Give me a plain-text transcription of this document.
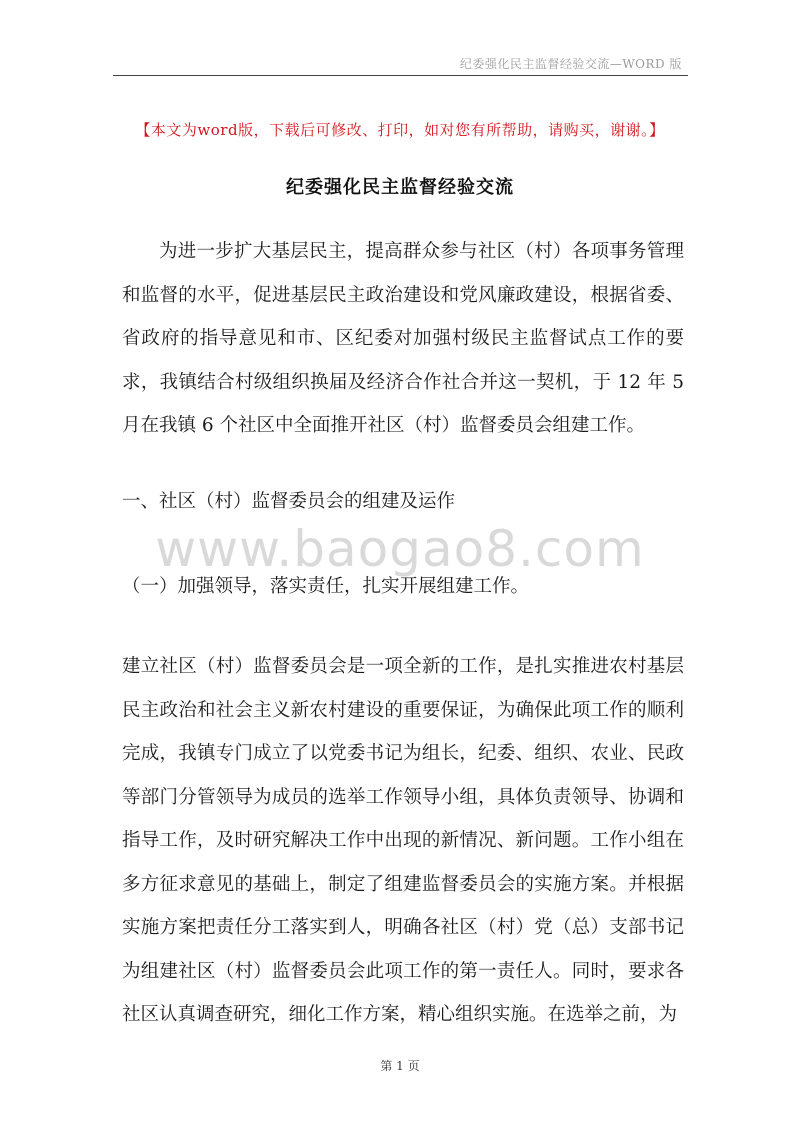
纪委强化民主监督经验交流—WORD 版
【本文为word版，下载后可修改、打印，如对您有所帮助，请购买，谢谢。】
纪委强化民主监督经验交流

为进一步扩大基层民主，提高群众参与社区（村）各项事务管理和监督的水平，促进基层民主政治建设和党风廉政建设，根据省委、省政府的指导意见和市、区纪委对加强村级民主监督试点工作的要求，我镇结合村级组织换届及经济合作社合并这一契机，于 12 年 5 月在我镇 6 个社区中全面推开社区（村）监督委员会组建工作。

一、社区（村）监督委员会的组建及运作

www.baogao8.com

（一）加强领导，落实责任，扎实开展组建工作。

建立社区（村）监督委员会是一项全新的工作，是扎实推进农村基层民主政治和社会主义新农村建设的重要保证，为确保此项工作的顺利完成，我镇专门成立了以党委书记为组长，纪委、组织、农业、民政等部门分管领导为成员的选举工作领导小组，具体负责领导、协调和指导工作，及时研究解决工作中出现的新情况、新问题。工作小组在多方征求意见的基础上，制定了组建监督委员会的实施方案。并根据实施方案把责任分工落实到人，明确各社区（村）党（总）支部书记为组建社区（村）监督委员会此项工作的第一责任人。同时，要求各社区认真调查研究，细化工作方案，精心组织实施。在选举之前，为

第 1 页
